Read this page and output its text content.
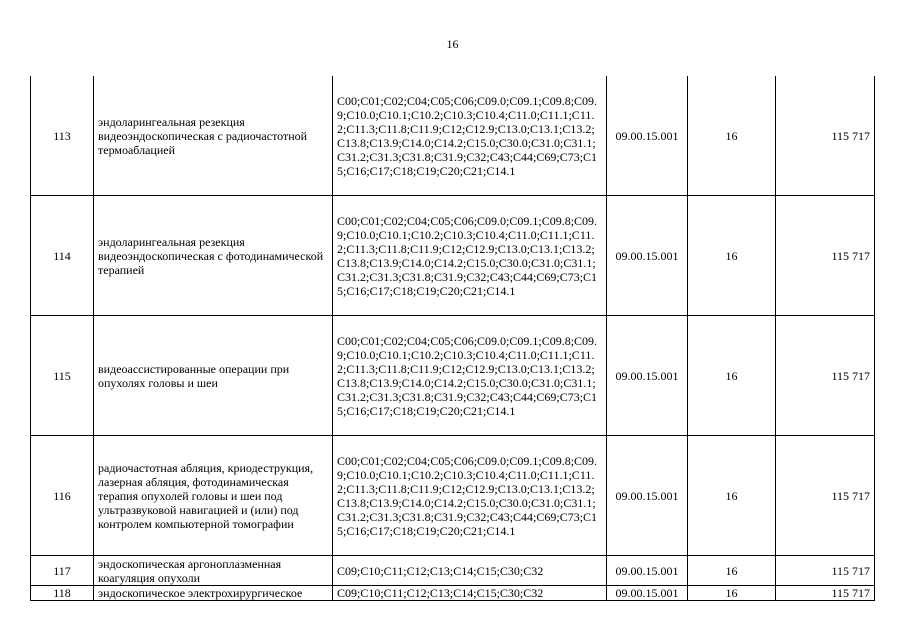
16
113	эндоларингеальная резекция видеоэндоскопическая с радиочастотной термоаблацией	C00;C01;C02;C04;C05;C06;C09.0;C09.1;C09.8;C09.9;C10.0;C10.1;C10.2;C10.3;C10.4;C11.0;C11.1;C11.2;C11.3;C11.8;C11.9;C12;C12.9;C13.0;C13.1;C13.2;C13.8;C13.9;C14.0;C14.2;C15.0;C30.0;C31.0;C31.1;C31.2;C31.3;C31.8;C31.9;C32;C43;C44;C69;C73;C15;C16;C17;C18;C19;C20;C21;C14.1	09.00.15.001	16	115 717
114	эндоларингеальная резекция видеоэндоскопическая с фотодинамической терапией	C00;C01;C02;C04;C05;C06;C09.0;C09.1;C09.8;C09.9;C10.0;C10.1;C10.2;C10.3;C10.4;C11.0;C11.1;C11.2;C11.3;C11.8;C11.9;C12;C12.9;C13.0;C13.1;C13.2;C13.8;C13.9;C14.0;C14.2;C15.0;C30.0;C31.0;C31.1;C31.2;C31.3;C31.8;C31.9;C32;C43;C44;C69;C73;C15;C16;C17;C18;C19;C20;C21;C14.1	09.00.15.001	16	115 717
115	видеоассистированные операции при опухолях головы и шеи	C00;C01;C02;C04;C05;C06;C09.0;C09.1;C09.8;C09.9;C10.0;C10.1;C10.2;C10.3;C10.4;C11.0;C11.1;C11.2;C11.3;C11.8;C11.9;C12;C12.9;C13.0;C13.1;C13.2;C13.8;C13.9;C14.0;C14.2;C15.0;C30.0;C31.0;C31.1;C31.2;C31.3;C31.8;C31.9;C32;C43;C44;C69;C73;C15;C16;C17;C18;C19;C20;C21;C14.1	09.00.15.001	16	115 717
116	радиочастотная абляция, криодеструкция, лазерная абляция, фотодинамическая терапия опухолей головы и шеи под ультразвуковой навигацией и (или) под контролем компьютерной томографии	C00;C01;C02;C04;C05;C06;C09.0;C09.1;C09.8;C09.9;C10.0;C10.1;C10.2;C10.3;C10.4;C11.0;C11.1;C11.2;C11.3;C11.8;C11.9;C12;C12.9;C13.0;C13.1;C13.2;C13.8;C13.9;C14.0;C14.2;C15.0;C30.0;C31.0;C31.1;C31.2;C31.3;C31.8;C31.9;C32;C43;C44;C69;C73;C15;C16;C17;C18;C19;C20;C21;C14.1	09.00.15.001	16	115 717
117	эндоскопическая аргоноплазменная коагуляция опухоли	C09;C10;C11;C12;C13;C14;C15;C30;C32	09.00.15.001	16	115 717
118	эндоскопическое электрохирургическое	C09;C10;C11;C12;C13;C14;C15;C30;C32	09.00.15.001	16	115 717
